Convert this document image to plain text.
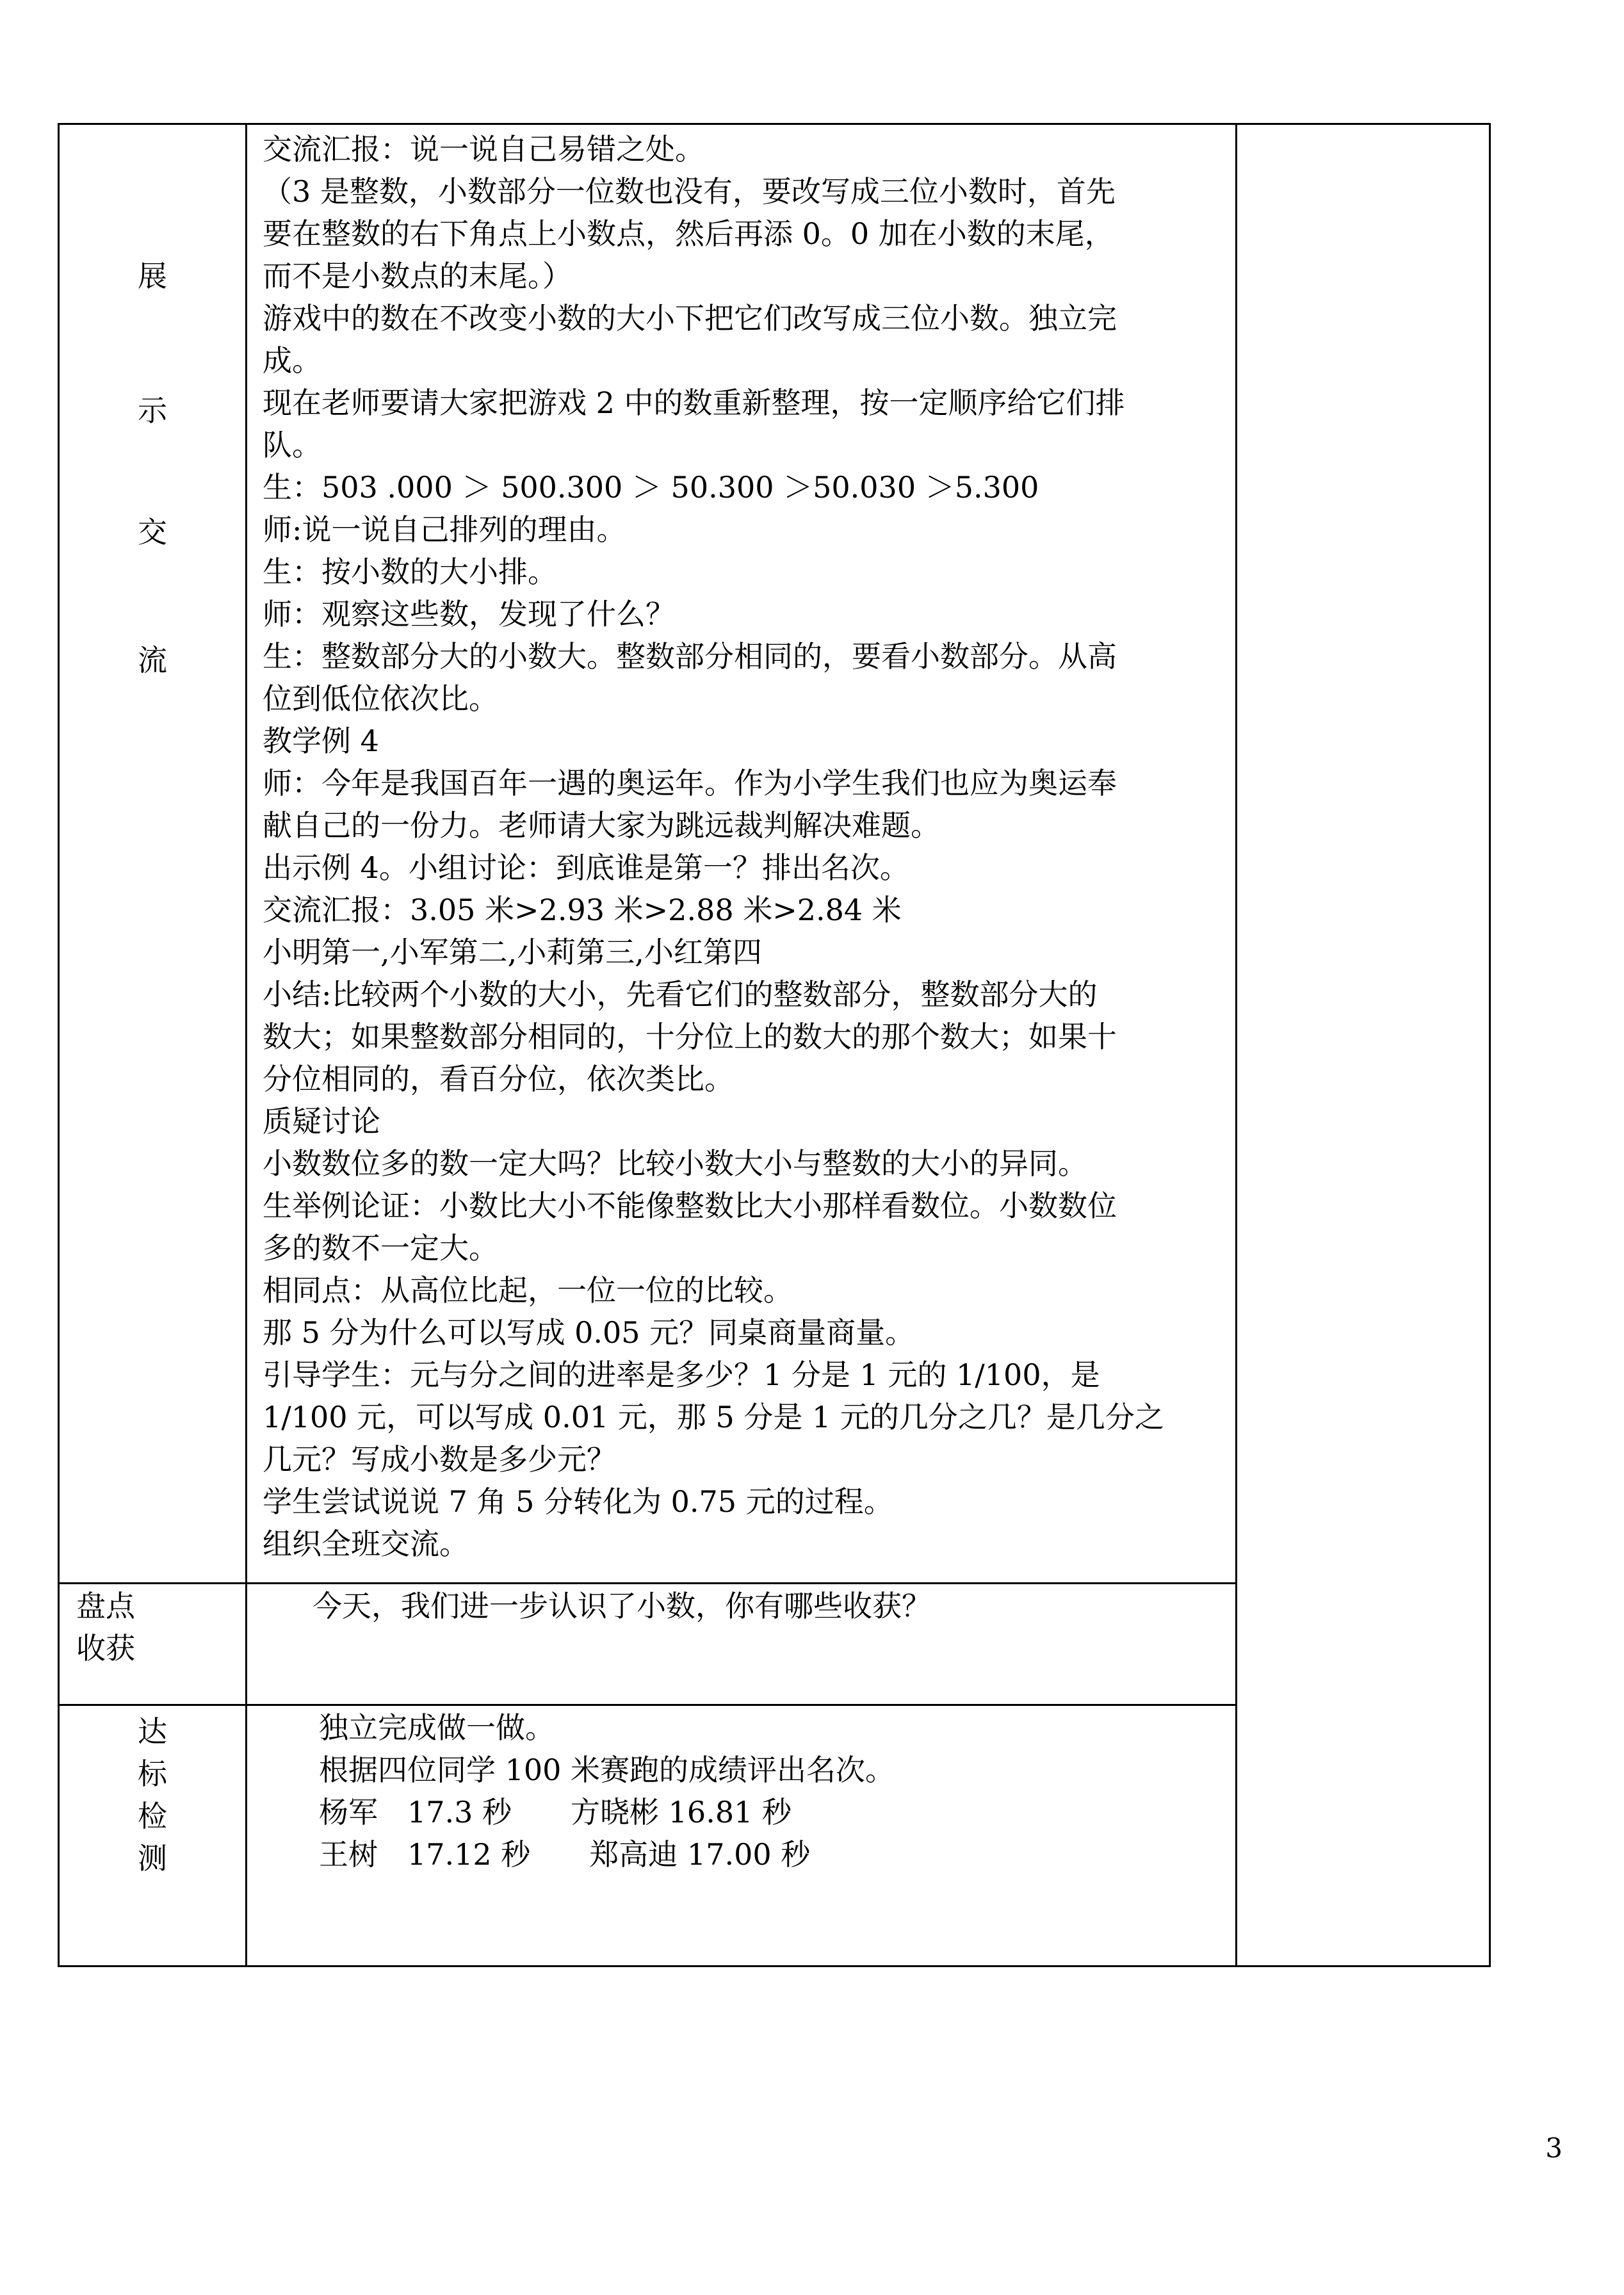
展
示
交
流
交流汇报：说一说自己易错之处。
（3 是整数，小数部分一位数也没有，要改写成三位小数时，首先
要在整数的右下角点上小数点，然后再添 0。0 加在小数的末尾，
而不是小数点的末尾。）
游戏中的数在不改变小数的大小下把它们改写成三位小数。独立完
成。
现在老师要请大家把游戏 2 中的数重新整理，按一定顺序给它们排
队。
生：503 .000 ＞ 500.300 ＞ 50.300 ＞50.030 ＞5.300
师:说一说自己排列的理由。
生：按小数的大小排。
师：观察这些数，发现了什么？
生：整数部分大的小数大。整数部分相同的，要看小数部分。从高
位到低位依次比。
教学例 4
师：今年是我国百年一遇的奥运年。作为小学生我们也应为奥运奉
献自己的一份力。老师请大家为跳远裁判解决难题。
出示例 4。小组讨论：到底谁是第一？排出名次。
交流汇报：3.05 米>2.93 米>2.88 米>2.84 米
小明第一,小军第二,小莉第三,小红第四
小结:比较两个小数的大小，先看它们的整数部分，整数部分大的
数大；如果整数部分相同的，十分位上的数大的那个数大；如果十
分位相同的，看百分位，依次类比。
质疑讨论
小数数位多的数一定大吗？比较小数大小与整数的大小的异同。
生举例论证：小数比大小不能像整数比大小那样看数位。小数数位
多的数不一定大。
相同点：从高位比起，一位一位的比较。
那 5 分为什么可以写成 0.05 元？同桌商量商量。
引导学生：元与分之间的进率是多少？1 分是 1 元的 1/100，是
1/100 元，可以写成 0.01 元，那 5 分是 1 元的几分之几？是几分之
几元？写成小数是多少元？
学生尝试说说 7 角 5 分转化为 0.75 元的过程。
组织全班交流。
盘点
收获
今天，我们进一步认识了小数，你有哪些收获？
达
标
检
测
独立完成做一做。
根据四位同学 100 米赛跑的成绩评出名次。
杨军　17.3 秒　　方晓彬 16.81 秒
王树　17.12 秒　　郑高迪 17.00 秒
3
